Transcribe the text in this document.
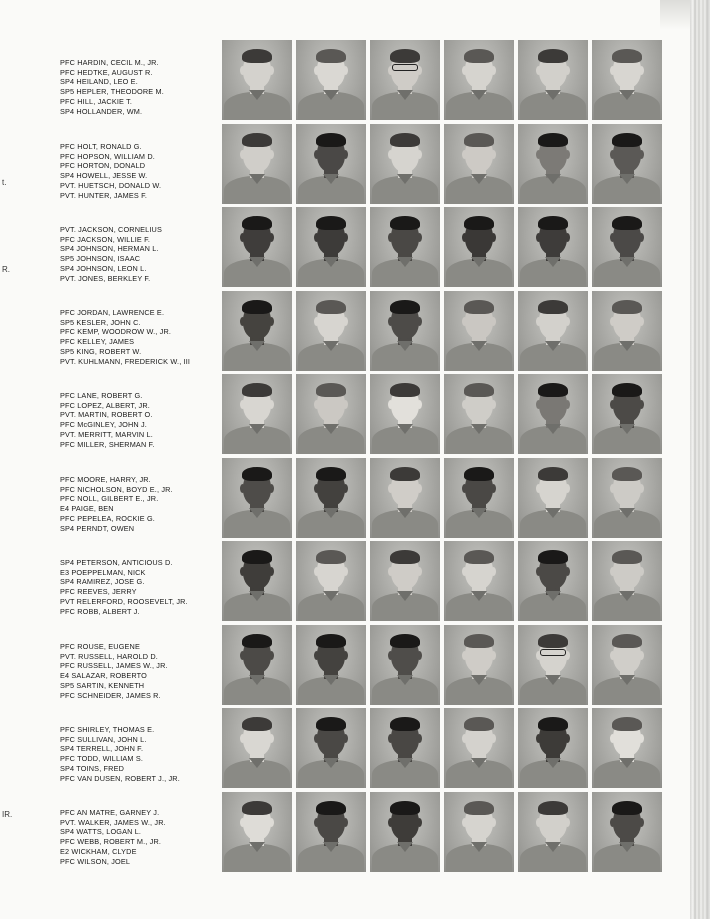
t.
R.
IR.
PFC HARDIN, CECIL M., JR.
PFC HEDTKE, AUGUST R.
SP4 HEILAND, LEO E.
SP5 HEPLER, THEODORE M.
PFC HILL, JACKIE T.
SP4 HOLLANDER, WM.
PFC HOLT, RONALD G.
PFC HOPSON, WILLIAM D.
PFC HORTON, DONALD
SP4 HOWELL, JESSE W.
PVT. HUETSCH, DONALD W.
PVT. HUNTER, JAMES F.
PVT. JACKSON, CORNELIUS
PFC JACKSON, WILLIE F.
SP4 JOHNSON, HERMAN L.
SP5 JOHNSON, ISAAC
SP4 JOHNSON, LEON L.
PVT. JONES, BERKLEY F.
PFC JORDAN, LAWRENCE E.
SP5 KESLER, JOHN C.
PFC KEMP, WOODROW W., JR.
PFC KELLEY, JAMES
SP5 KING, ROBERT W.
PVT. KUHLMANN, FREDERICK W., III
PFC LANE, ROBERT G.
PFC LOPEZ, ALBERT, JR.
PVT. MARTIN, ROBERT O.
PFC McGINLEY, JOHN J.
PVT. MERRITT, MARVIN L.
PFC MILLER, SHERMAN F.
PFC MOORE, HARRY, JR.
PFC NICHOLSON, BOYD E., JR.
PFC NOLL, GILBERT E., JR.
E4 PAIGE, BEN
PFC PEPELEA, ROCKIE G.
SP4 PERNDT, OWEN
SP4 PETERSON, ANTICIOUS D.
E3 POEPPELMAN, NICK
SP4 RAMIREZ, JOSE G.
PFC REEVES, JERRY
PVT RELERFORD, ROOSEVELT, JR.
PFC ROBB, ALBERT J.
PFC ROUSE, EUGENE
PVT. RUSSELL, HAROLD D.
PFC RUSSELL, JAMES W., JR.
E4 SALAZAR, ROBERTO
SP5 SARTIN, KENNETH
PFC SCHNEIDER, JAMES R.
PFC SHIRLEY, THOMAS E.
PFC SULLIVAN, JOHN L.
SP4 TERRELL, JOHN F.
PFC TODD, WILLIAM S.
SP4 TOINS, FRED
PFC VAN DUSEN, ROBERT J., JR.
PFC AN MATRE, GARNEY J.
PVT. WALKER, JAMES W., JR.
SP4 WATTS, LOGAN L.
PFC WEBB, ROBERT M., JR.
E2 WICKHAM, CLYDE
PFC WILSON, JOEL
